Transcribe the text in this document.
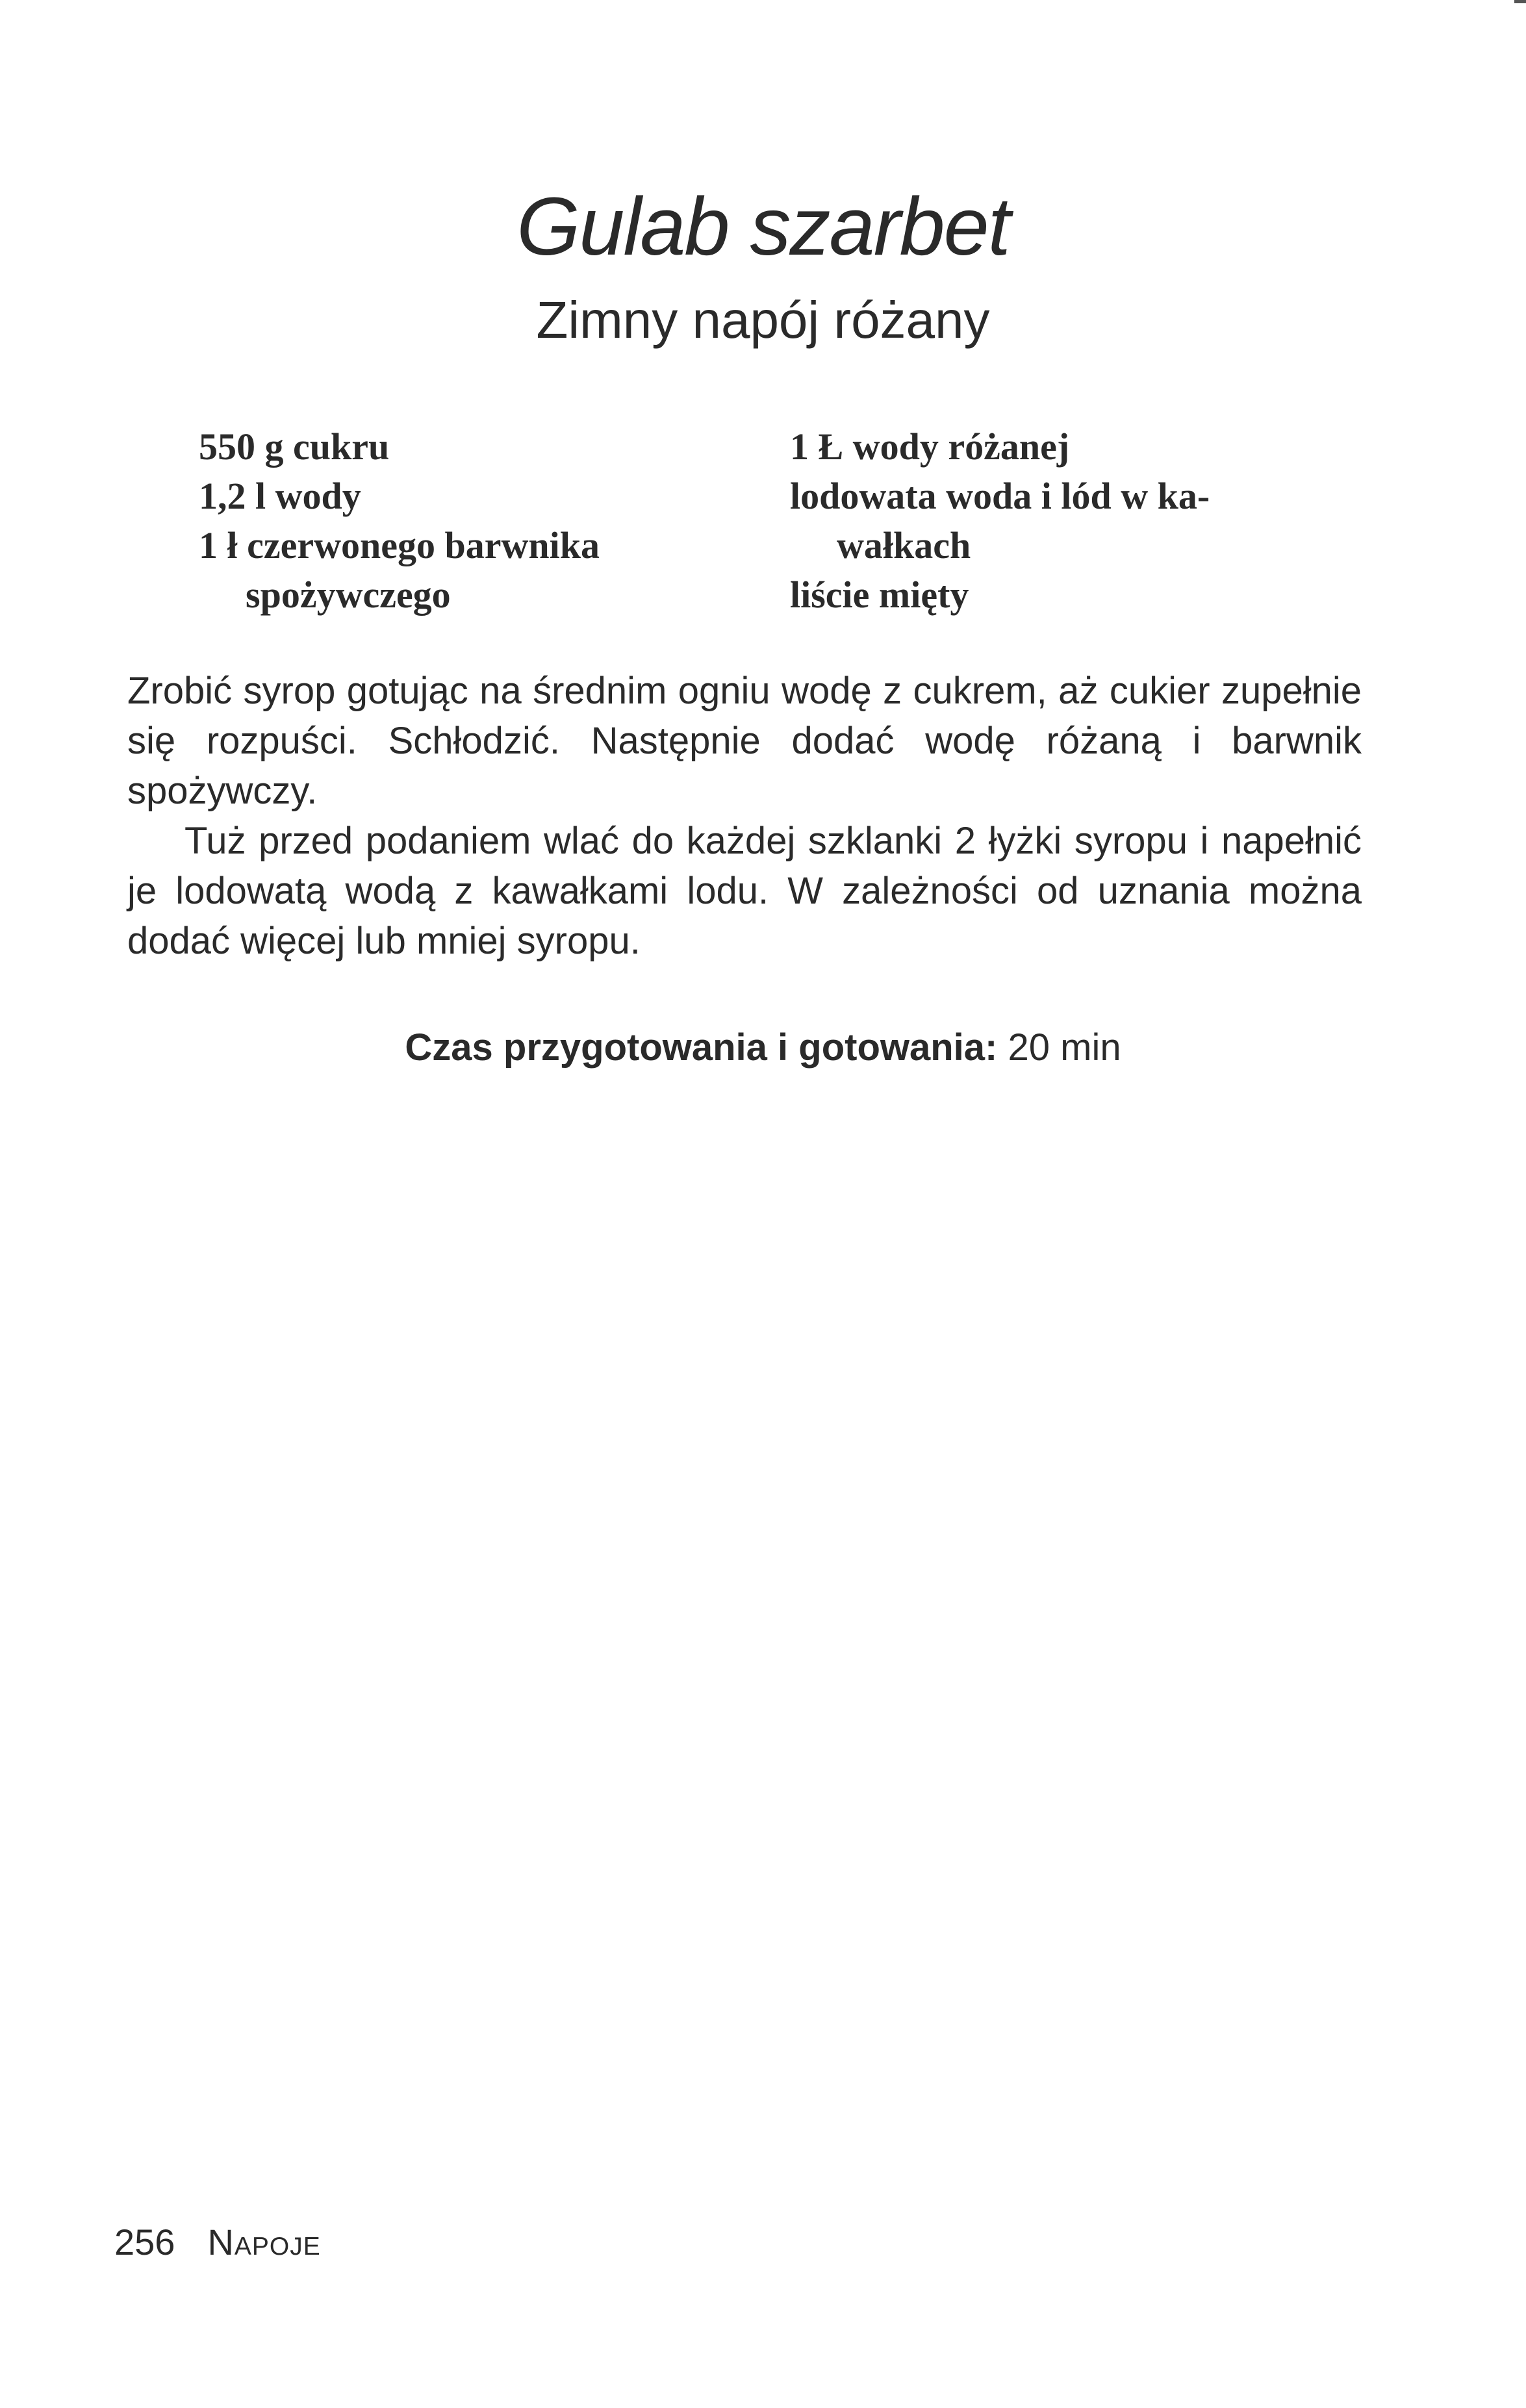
Gulab szarbet
Zimny napój różany
550 g cukru
1,2 l wody
1 ł czerwonego barwnika
spożywczego
1 Ł wody różanej
lodowata woda i lód w ka-
wałkach
liście mięty

Zrobić syrop gotując na średnim ogniu wodę z cukrem, aż cukier zupełnie się rozpuści. Schłodzić. Następnie dodać wodę różaną i barwnik spożywczy.

Tuż przed podaniem wlać do każdej szklanki 2 łyżki syropu i napełnić je lodowatą wodą z kawałkami lodu. W zależności od uznania można dodać więcej lub mniej syropu.

Czas przygotowania i gotowania: 20 min
256 Napoje
